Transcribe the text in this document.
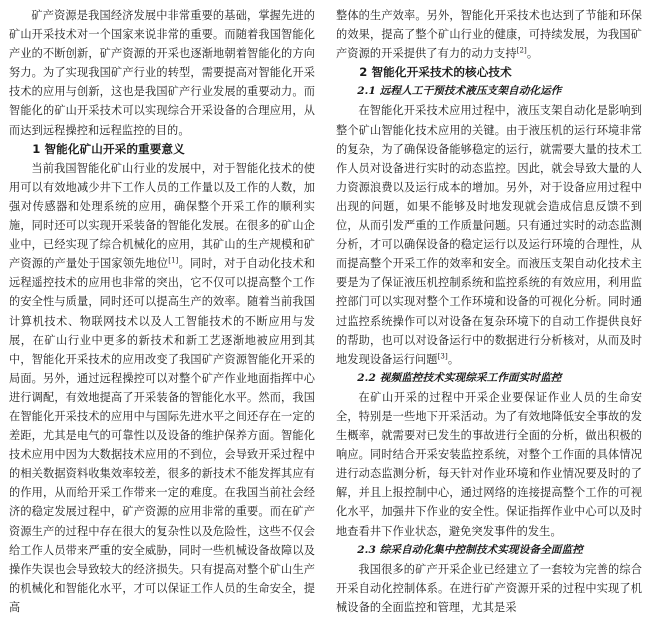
矿产资源是我国经济发展中非常重要的基础，掌握先进的矿山开采技术对一个国家来说非常的重要。而随着我国智能化产业的不断创新，矿产资源的开采也逐渐地朝着智能化的方向努力。为了实现我国矿产行业的转型，需要提高对智能化开采技术的应用与创新，这也是我国矿产行业发展的重要动力。而智能化的矿山开采技术可以实现综合开采设备的合理应用，从而达到远程操控和远程监控的目的。

1 智能化矿山开采的重要意义

当前我国智能化矿山行业的发展中，对于智能化技术的使用可以有效地减少井下工作人员的工作量以及工作的人数，加强对传感器和处理系统的应用，确保整个开采工作的顺利实施，同时还可以实现开采装备的智能化发展。在很多的矿山企业中，已经实现了综合机械化的应用，其矿山的生产规模和矿产资源的产量处于国家领先地位[1]。同时，对于自动化技术和远程遥控技术的应用也非常的突出，它不仅可以提高整个工作的安全性与质量，同时还可以提高生产的效率。随着当前我国计算机技术、物联网技术以及人工智能技术的不断应用与发展，在矿山行业中更多的新技术和新工艺逐渐地被应用到其中，智能化开采技术的应用改变了我国矿产资源智能化开采的局面。另外，通过远程操控可以对整个矿产作业地面指挥中心进行调配，有效地提高了开采装备的智能化水平。然而，我国在智能化开采技术的应用中与国际先进水平之间还存在一定的差距，尤其是电气的可靠性以及设备的维护保养方面。智能化技术应用中因为大数据技术应用的不到位，会导致开采过程中的相关数据资料收集效率较差，很多的新技术不能发挥其应有的作用，从而给开采工作带来一定的难度。在我国当前社会经济的稳定发展过程中，矿产资源的应用非常的重要。而在矿产资源生产的过程中存在很大的复杂性以及危险性，这些不仅会给工作人员带来严重的安全威胁，同时一些机械设备故障以及操作失误也会导致较大的经济损失。只有提高对整个矿山生产的机械化和智能化水平，才可以保证工作人员的生命安全，提高

整体的生产效率。另外，智能化开采技术也达到了节能和环保的效果，提高了整个矿山行业的健康，可持续发展，为我国矿产资源的开采提供了有力的动力支持[2]。

2 智能化开采技术的核心技术
2.1 远程人工干预技术液压支架自动化运作

在智能化开采技术应用过程中，液压支架自动化是影响到整个矿山智能化技术应用的关键。由于液压机的运行环境非常的复杂，为了确保设备能够稳定的运行，就需要大量的技术工作人员对设备进行实时的动态监控。因此，就会导致大量的人力资源浪费以及运行成本的增加。另外，对于设备应用过程中出现的问题，如果不能够及时地发现就会造成信息反馈不到位，从而引发严重的工作质量问题。只有通过实时的动态监测分析，才可以确保设备的稳定运行以及运行环境的合理性，从而提高整个开采工作的效率和安全。而液压支架自动化技术主要是为了保证液压机控制系统和监控系统的有效应用，利用监控部门可以实现对整个工作环境和设备的可视化分析。同时通过监控系统操作可以对设备在复杂环境下的自动工作提供良好的帮助，也可以对设备运行中的数据进行分析核对，从而及时地发现设备运行问题[3]。

2.2 视频监控技术实现综采工作面实时监控

在矿山开采的过程中开采企业要保证作业人员的生命安全，特别是一些地下开采活动。为了有效地降低安全事故的发生概率，就需要对已发生的事故进行全面的分析，做出积极的响应。同时结合开采安装监控系统，对整个工作面的具体情况进行动态监测分析，每天针对作业环境和作业情况要及时的了解，并且上报控制中心，通过网络的连接提高整个工作的可视化水平，加强井下作业的安全性。保证指挥作业中心可以及时地查看井下作业状态，避免突发事件的发生。

2.3 综采自动化集中控制技术实现设备全面监控

我国很多的矿产开采企业已经建立了一套较为完善的综合开采自动化控制体系。在进行矿产资源开采的过程中实现了机械设备的全面监控和管理，尤其是采
